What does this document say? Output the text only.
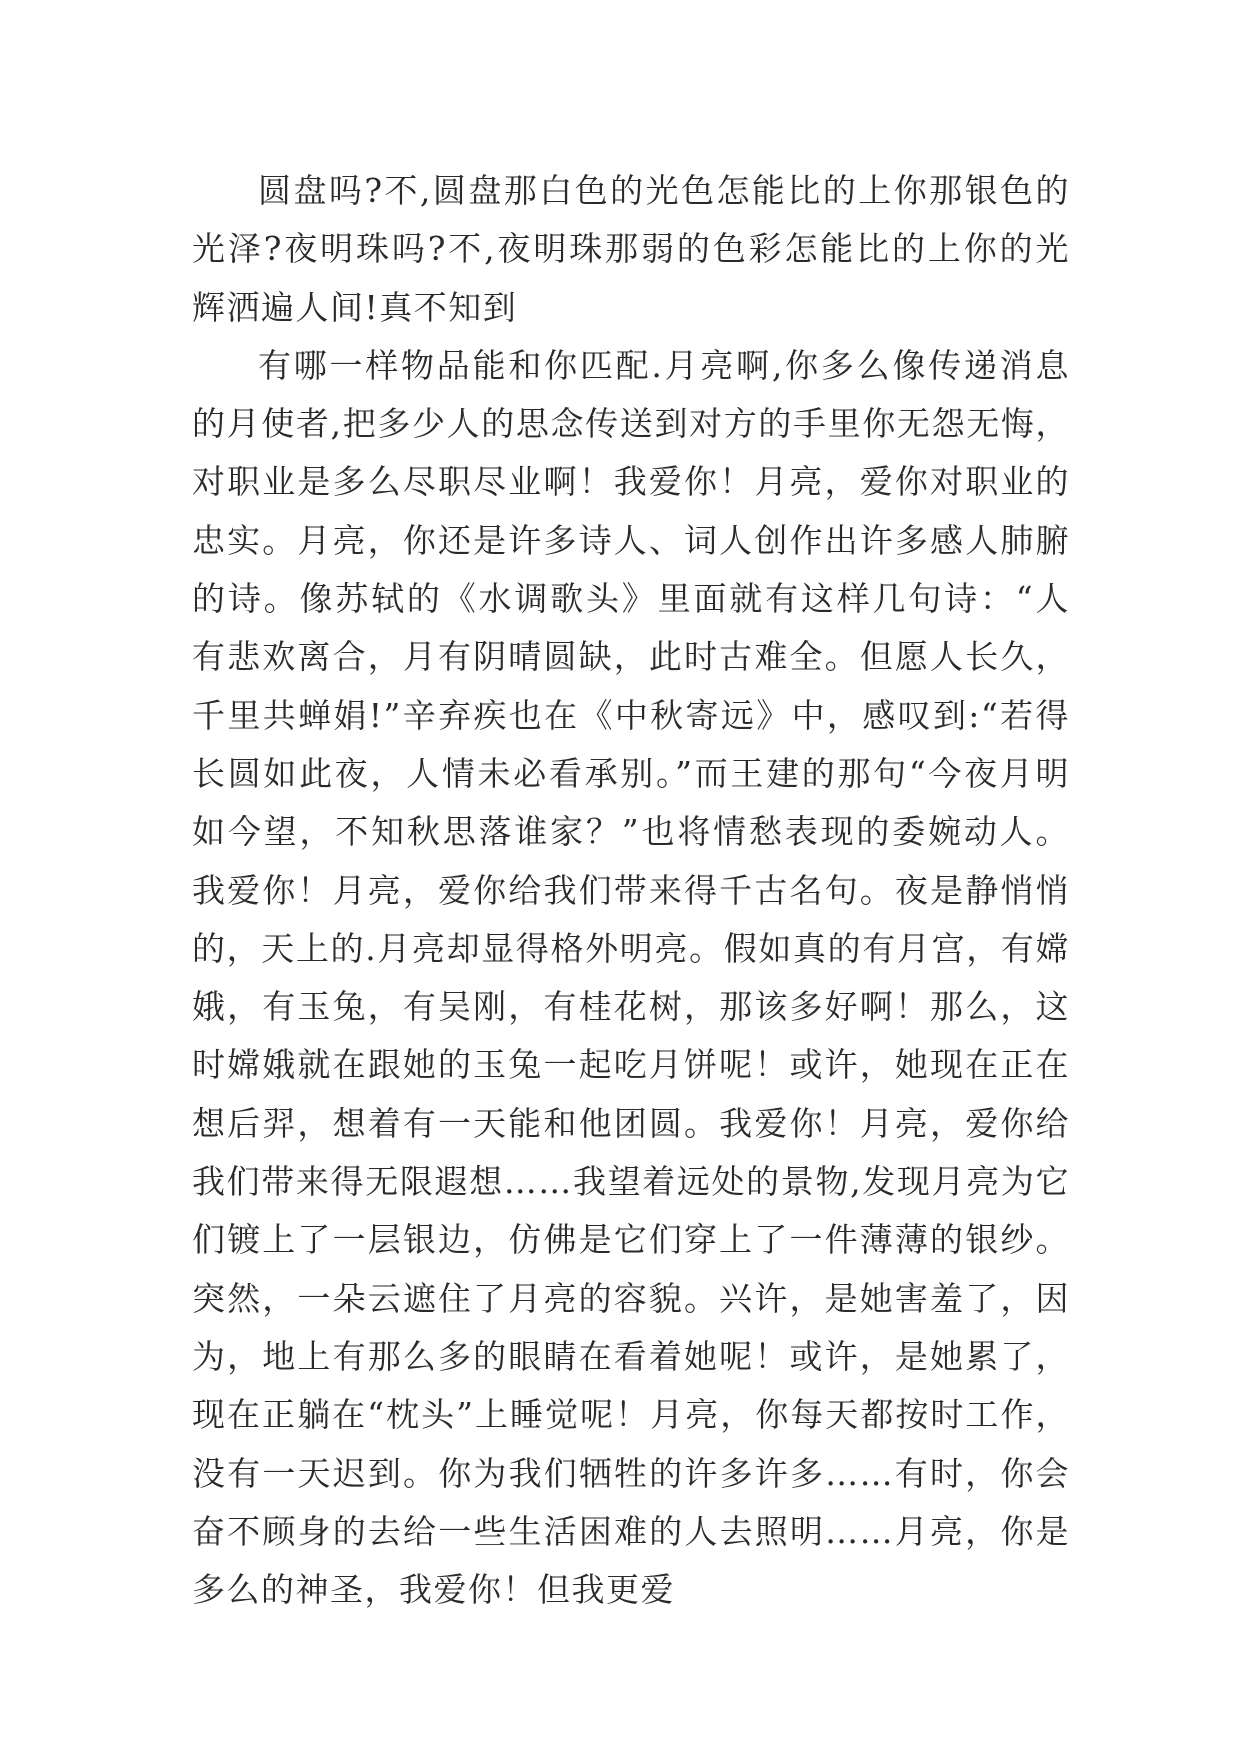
圆盘吗?不,圆盘那白色的光色怎能比的上你那银色的光泽?夜明珠吗?不,夜明珠那弱的色彩怎能比的上你的光辉洒遍人间!真不知到

有哪一样物品能和你匹配.月亮啊,你多么像传递消息的月使者,把多少人的思念传送到对方的手里你无怨无悔，对职业是多么尽职尽业啊！我爱你！月亮，爱你对职业的忠实。月亮，你还是许多诗人、词人创作出许多感人肺腑的诗。像苏轼的《水调歌头》里面就有这样几句诗：“人有悲欢离合，月有阴晴圆缺，此时古难全。但愿人长久，千里共蝉娟!”辛弃疾也在《中秋寄远》中，感叹到:“若得长圆如此夜，人情未必看承别。”而王建的那句“今夜月明如今望，不知秋思落谁家？”也将情愁表现的委婉动人。我爱你！月亮，爱你给我们带来得千古名句。夜是静悄悄的，天上的.月亮却显得格外明亮。假如真的有月宫，有嫦娥，有玉兔，有吴刚，有桂花树，那该多好啊！那么，这时嫦娥就在跟她的玉兔一起吃月饼呢！或许，她现在正在想后羿，想着有一天能和他团圆。我爱你！月亮，爱你给我们带来得无限遐想……我望着远处的景物,发现月亮为它们镀上了一层银边，仿佛是它们穿上了一件薄薄的银纱。突然，一朵云遮住了月亮的容貌。兴许，是她害羞了，因为，地上有那么多的眼睛在看着她呢！或许，是她累了，现在正躺在“枕头”上睡觉呢！月亮，你每天都按时工作，没有一天迟到。你为我们牺牲的许多许多……有时，你会奋不顾身的去给一些生活困难的人去照明……月亮，你是多么的神圣，我爱你！但我更爱
